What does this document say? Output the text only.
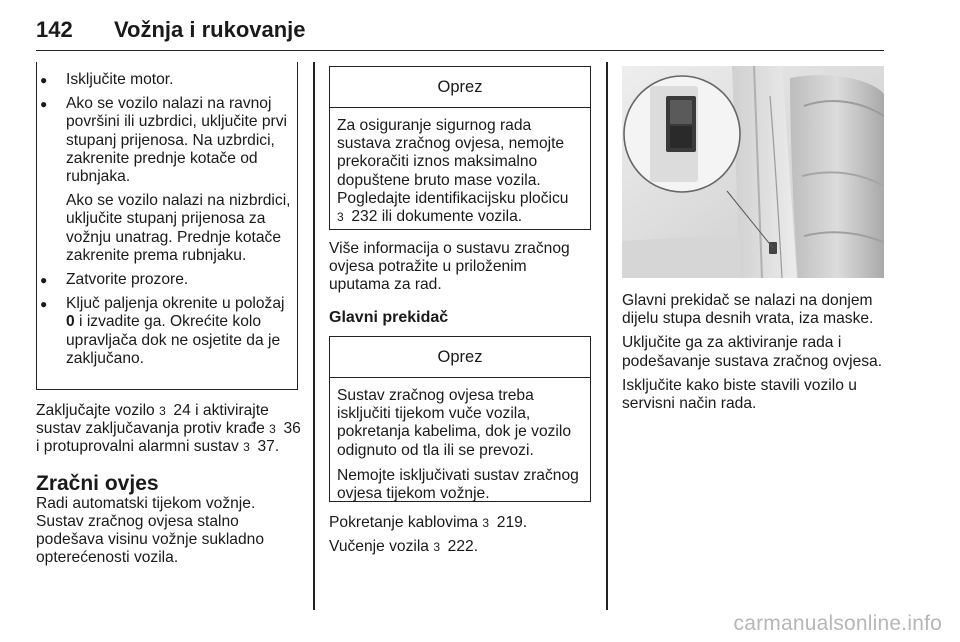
142	Vožnja i rukovanje
● Isključite motor.
● Ako se vozilo nalazi na ravnoj površini ili uzbrdici, uključite prvi stupanj prijenosa. Na uzbrdici, zakrenite prednje kotače od rubnjaka.
Ako se vozilo nalazi na nizbrdici, uključite stupanj prijenosa za vožnju unatrag. Prednje kotače zakrenite prema rubnjaku.
● Zatvorite prozore.
● Ključ paljenja okrenite u položaj 0 i izvadite ga. Okrećite kolo upravljača dok ne osjetite da je zaključano.

Zaključajte vozilo 3 24 i aktivirajte sustav zaključavanja protiv krađe 3 36 i protuprovalni alarmni sustav 3 37.

Zračni ovjes

Radi automatski tijekom vožnje. Sustav zračnog ovjesa stalno podešava visinu vožnje sukladno opterećenosti vozila.

Oprez

Za osiguranje sigurnog rada sustava zračnog ovjesa, nemojte prekoračiti iznos maksimalno dopuštene bruto mase vozila. Pogledajte identifikacijsku pločicu 3 232 ili dokumente vozila.

Više informacija o sustavu zračnog ovjesa potražite u priloženim uputama za rad.

Glavni prekidač
Oprez

Sustav zračnog ovjesa treba isključiti tijekom vuče vozila, pokretanja kabelima, dok je vozilo odignuto od tla ili se prevozi.

Nemojte isključivati sustav zračnog ovjesa tijekom vožnje.

Pokretanje kablovima 3 219.

Vučenje vozila 3 222.

Glavni prekidač se nalazi na donjem dijelu stupa desnih vrata, iza maske.

Uključite ga za aktiviranje rada i podešavanje sustava zračnog ovjesa.

Isključite kako biste stavili vozilo u servisni način rada.

carmanualsonline.info
